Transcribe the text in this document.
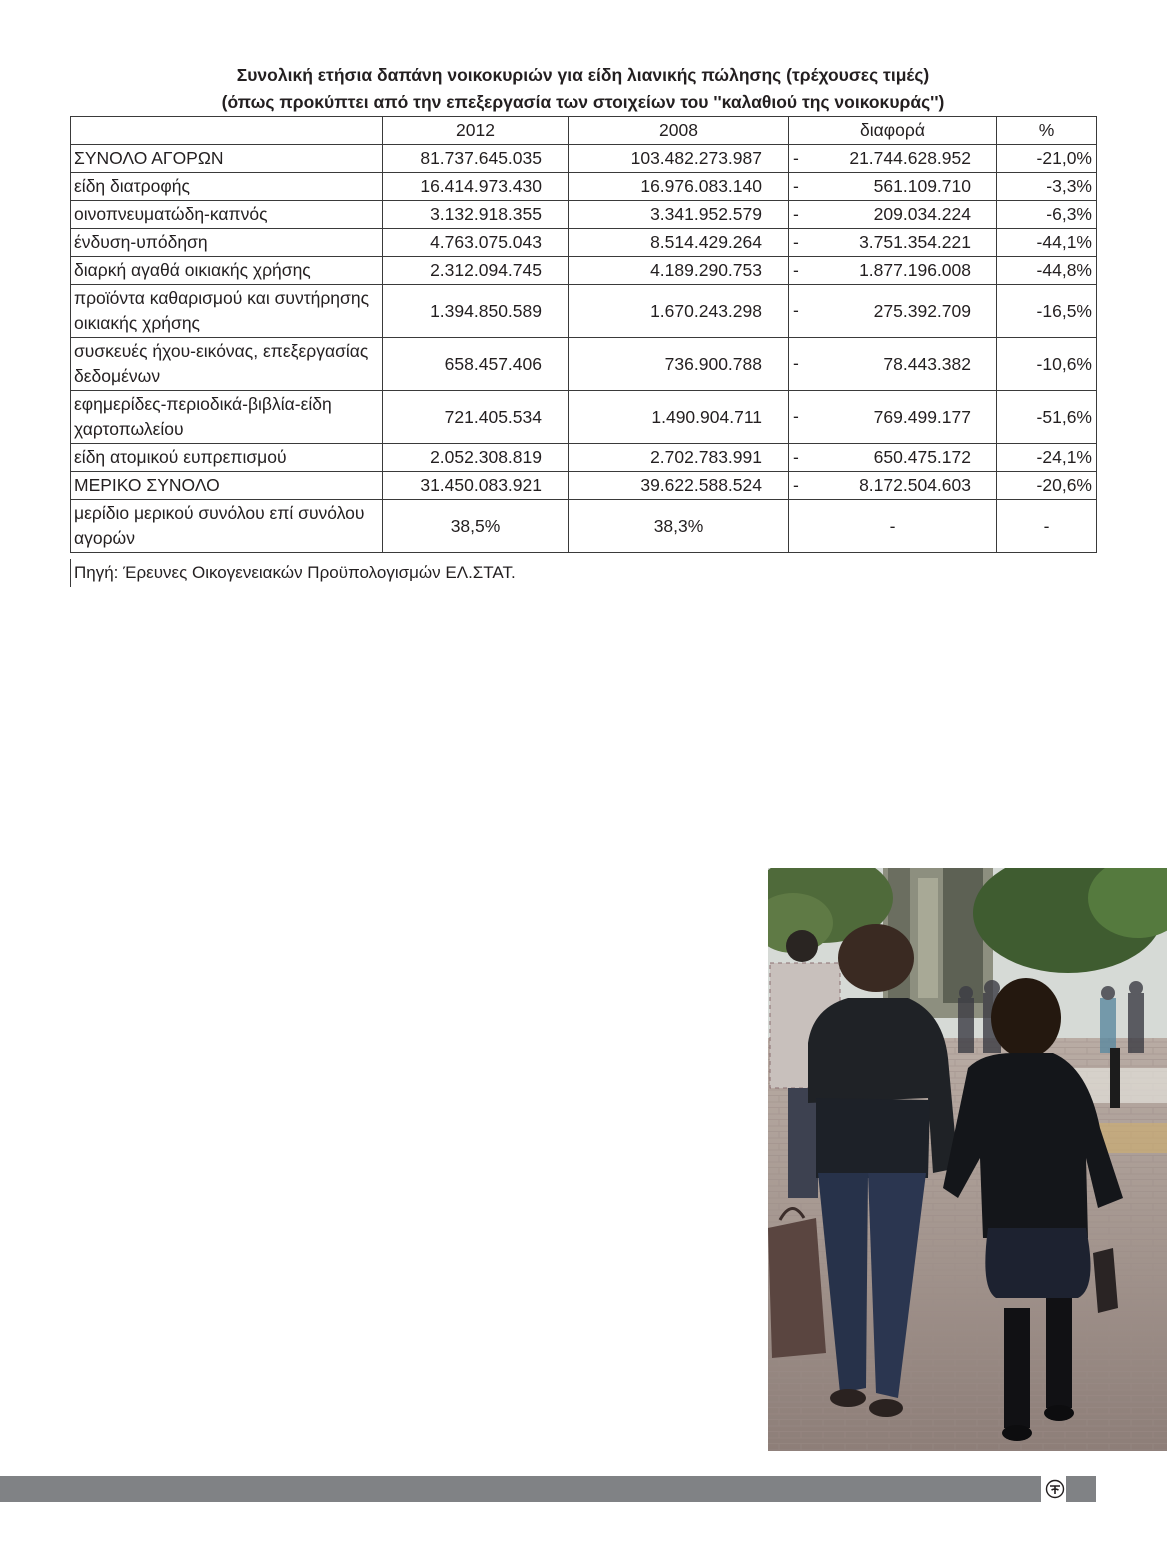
Συνολική ετήσια δαπάνη νοικοκυριών για είδη λιανικής πώλησης (τρέχουσες τιμές)
(όπως προκύπτει από την επεξεργασία των στοιχείων του ''καλαθιού της νοικοκυράς'')
	2012	2008	διαφορά	%
ΣΥΝΟΛΟ ΑΓΟΡΩΝ	81.737.645.035	103.482.273.987	- 21.744.628.952	-21,0%
είδη διατροφής	16.414.973.430	16.976.083.140	- 561.109.710	-3,3%
οινοπνευματώδη-καπνός	3.132.918.355	3.341.952.579	- 209.034.224	-6,3%
ένδυση-υπόδηση	4.763.075.043	8.514.429.264	- 3.751.354.221	-44,1%
διαρκή αγαθά οικιακής χρήσης	2.312.094.745	4.189.290.753	- 1.877.196.008	-44,8%
προϊόντα καθαρισμού και συντήρησης οικιακής χρήσης	1.394.850.589	1.670.243.298	- 275.392.709	-16,5%
συσκευές ήχου-εικόνας, επεξεργασίας δεδομένων	658.457.406	736.900.788	- 78.443.382	-10,6%
εφημερίδες-περιοδικά-βιβλία-είδη χαρτοπωλείου	721.405.534	1.490.904.711	- 769.499.177	-51,6%
είδη ατομικού ευπρεπισμού	2.052.308.819	2.702.783.991	- 650.475.172	-24,1%
ΜΕΡΙΚΟ ΣΥΝΟΛΟ	31.450.083.921	39.622.588.524	- 8.172.504.603	-20,6%
μερίδιο μερικού συνόλου επί συνόλου αγορών	38,5%	38,3%	-	-
Πηγή: Έρευνες Οικογενειακών Προϋπολογισμών ΕΛ.ΣΤΑΤ.
